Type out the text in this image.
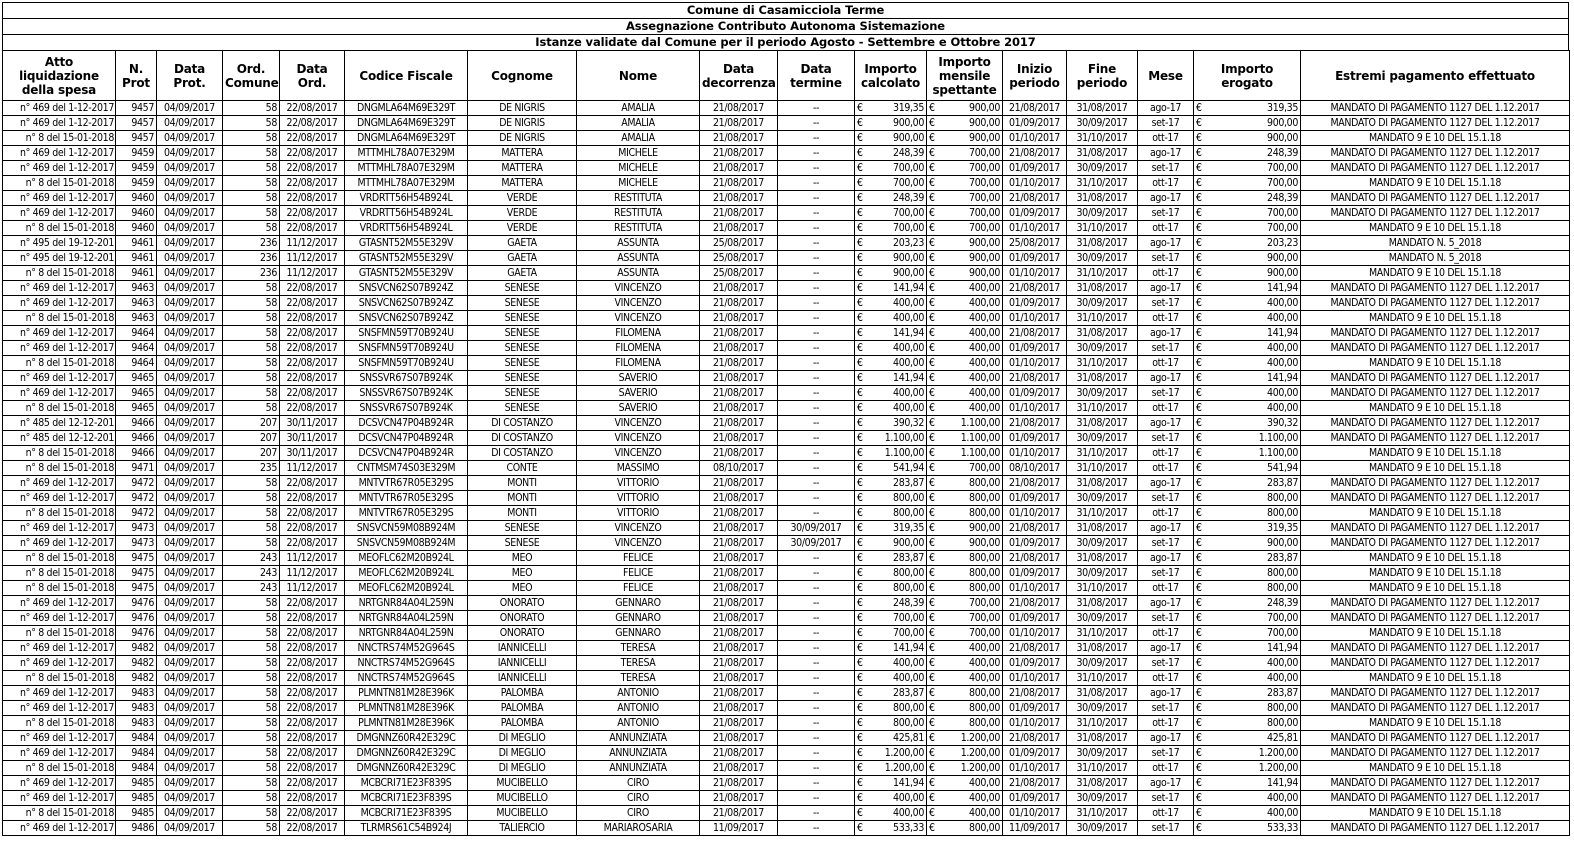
Comune di Casamicciola Terme
Assegnazione Contributo Autonoma Sistemazione
Istanze validate dal Comune per il periodo Agosto - Settembre e Ottobre 2017
Atto liquidazione della spesa	N. Prot	Data Prot.	Ord. Comune	Data Ord.	Codice Fiscale	Cognome	Nome	Data decorrenza	Data termine	Importo calcolato	Importo mensile spettante	Inizio periodo	Fine periodo	Mese	Importo erogato	Estremi pagamento effettuato
n° 469 del 1-12-2017	9457	04/09/2017	58	22/08/2017	DNGMLA64M69E329T	DE NIGRIS	AMALIA	21/08/2017	--	€ 319,35	€ 900,00	21/08/2017	31/08/2017	ago-17	€ 319,35	MANDATO DI PAGAMENTO 1127 DEL 1.12.2017
n° 469 del 1-12-2017	9457	04/09/2017	58	22/08/2017	DNGMLA64M69E329T	DE NIGRIS	AMALIA	21/08/2017	--	€ 900,00	€ 900,00	01/09/2017	30/09/2017	set-17	€ 900,00	MANDATO DI PAGAMENTO 1127 DEL 1.12.2017
n° 8 del 15-01-2018	9457	04/09/2017	58	22/08/2017	DNGMLA64M69E329T	DE NIGRIS	AMALIA	21/08/2017	--	€ 900,00	€ 900,00	01/10/2017	31/10/2017	ott-17	€ 900,00	MANDATO 9 E 10 DEL 15.1.18
n° 469 del 1-12-2017	9459	04/09/2017	58	22/08/2017	MTTMHL78A07E329M	MATTERA	MICHELE	21/08/2017	--	€ 248,39	€ 700,00	21/08/2017	31/08/2017	ago-17	€ 248,39	MANDATO DI PAGAMENTO 1127 DEL 1.12.2017
n° 469 del 1-12-2017	9459	04/09/2017	58	22/08/2017	MTTMHL78A07E329M	MATTERA	MICHELE	21/08/2017	--	€ 700,00	€ 700,00	01/09/2017	30/09/2017	set-17	€ 700,00	MANDATO DI PAGAMENTO 1127 DEL 1.12.2017
n° 8 del 15-01-2018	9459	04/09/2017	58	22/08/2017	MTTMHL78A07E329M	MATTERA	MICHELE	21/08/2017	--	€ 700,00	€ 700,00	01/10/2017	31/10/2017	ott-17	€ 700,00	MANDATO 9 E 10 DEL 15.1.18
n° 469 del 1-12-2017	9460	04/09/2017	58	22/08/2017	VRDRTT56H54B924L	VERDE	RESTITUTA	21/08/2017	--	€ 248,39	€ 700,00	21/08/2017	31/08/2017	ago-17	€ 248,39	MANDATO DI PAGAMENTO 1127 DEL 1.12.2017
n° 469 del 1-12-2017	9460	04/09/2017	58	22/08/2017	VRDRTT56H54B924L	VERDE	RESTITUTA	21/08/2017	--	€ 700,00	€ 700,00	01/09/2017	30/09/2017	set-17	€ 700,00	MANDATO DI PAGAMENTO 1127 DEL 1.12.2017
n° 8 del 15-01-2018	9460	04/09/2017	58	22/08/2017	VRDRTT56H54B924L	VERDE	RESTITUTA	21/08/2017	--	€ 700,00	€ 700,00	01/10/2017	31/10/2017	ott-17	€ 700,00	MANDATO 9 E 10 DEL 15.1.18
n° 495 del 19-12-201	9461	04/09/2017	236	11/12/2017	GTASNT52M55E329V	GAETA	ASSUNTA	25/08/2017	--	€ 203,23	€ 900,00	25/08/2017	31/08/2017	ago-17	€ 203,23	MANDATO N. 5_2018
n° 495 del 19-12-201	9461	04/09/2017	236	11/12/2017	GTASNT52M55E329V	GAETA	ASSUNTA	25/08/2017	--	€ 900,00	€ 900,00	01/09/2017	30/09/2017	set-17	€ 900,00	MANDATO N. 5_2018
n° 8 del 15-01-2018	9461	04/09/2017	236	11/12/2017	GTASNT52M55E329V	GAETA	ASSUNTA	25/08/2017	--	€ 900,00	€ 900,00	01/10/2017	31/10/2017	ott-17	€ 900,00	MANDATO 9 E 10 DEL 15.1.18
n° 469 del 1-12-2017	9463	04/09/2017	58	22/08/2017	SNSVCN62S07B924Z	SENESE	VINCENZO	21/08/2017	--	€ 141,94	€ 400,00	21/08/2017	31/08/2017	ago-17	€ 141,94	MANDATO DI PAGAMENTO 1127 DEL 1.12.2017
n° 469 del 1-12-2017	9463	04/09/2017	58	22/08/2017	SNSVCN62S07B924Z	SENESE	VINCENZO	21/08/2017	--	€ 400,00	€ 400,00	01/09/2017	30/09/2017	set-17	€ 400,00	MANDATO DI PAGAMENTO 1127 DEL 1.12.2017
n° 8 del 15-01-2018	9463	04/09/2017	58	22/08/2017	SNSVCN62S07B924Z	SENESE	VINCENZO	21/08/2017	--	€ 400,00	€ 400,00	01/10/2017	31/10/2017	ott-17	€ 400,00	MANDATO 9 E 10 DEL 15.1.18
n° 469 del 1-12-2017	9464	04/09/2017	58	22/08/2017	SNSFMN59T70B924U	SENESE	FILOMENA	21/08/2017	--	€ 141,94	€ 400,00	21/08/2017	31/08/2017	ago-17	€ 141,94	MANDATO DI PAGAMENTO 1127 DEL 1.12.2017
n° 469 del 1-12-2017	9464	04/09/2017	58	22/08/2017	SNSFMN59T70B924U	SENESE	FILOMENA	21/08/2017	--	€ 400,00	€ 400,00	01/09/2017	30/09/2017	set-17	€ 400,00	MANDATO DI PAGAMENTO 1127 DEL 1.12.2017
n° 8 del 15-01-2018	9464	04/09/2017	58	22/08/2017	SNSFMN59T70B924U	SENESE	FILOMENA	21/08/2017	--	€ 400,00	€ 400,00	01/10/2017	31/10/2017	ott-17	€ 400,00	MANDATO 9 E 10 DEL 15.1.18
n° 469 del 1-12-2017	9465	04/09/2017	58	22/08/2017	SNSSVR67S07B924K	SENESE	SAVERIO	21/08/2017	--	€ 141,94	€ 400,00	21/08/2017	31/08/2017	ago-17	€ 141,94	MANDATO DI PAGAMENTO 1127 DEL 1.12.2017
n° 469 del 1-12-2017	9465	04/09/2017	58	22/08/2017	SNSSVR67S07B924K	SENESE	SAVERIO	21/08/2017	--	€ 400,00	€ 400,00	01/09/2017	30/09/2017	set-17	€ 400,00	MANDATO DI PAGAMENTO 1127 DEL 1.12.2017
n° 8 del 15-01-2018	9465	04/09/2017	58	22/08/2017	SNSSVR67S07B924K	SENESE	SAVERIO	21/08/2017	--	€ 400,00	€ 400,00	01/10/2017	31/10/2017	ott-17	€ 400,00	MANDATO 9 E 10 DEL 15.1.18
n° 485 del 12-12-201	9466	04/09/2017	207	30/11/2017	DCSVCN47P04B924R	DI COSTANZO	VINCENZO	21/08/2017	--	€ 390,32	€ 1.100,00	21/08/2017	31/08/2017	ago-17	€ 390,32	MANDATO DI PAGAMENTO 1127 DEL 1.12.2017
n° 485 del 12-12-201	9466	04/09/2017	207	30/11/2017	DCSVCN47P04B924R	DI COSTANZO	VINCENZO	21/08/2017	--	€ 1.100,00	€ 1.100,00	01/09/2017	30/09/2017	set-17	€ 1.100,00	MANDATO DI PAGAMENTO 1127 DEL 1.12.2017
n° 8 del 15-01-2018	9466	04/09/2017	207	30/11/2017	DCSVCN47P04B924R	DI COSTANZO	VINCENZO	21/08/2017	--	€ 1.100,00	€ 1.100,00	01/10/2017	31/10/2017	ott-17	€ 1.100,00	MANDATO 9 E 10 DEL 15.1.18
n° 8 del 15-01-2018	9471	04/09/2017	235	11/12/2017	CNTMSM74S03E329M	CONTE	MASSIMO	08/10/2017	--	€ 541,94	€ 700,00	08/10/2017	31/10/2017	ott-17	€ 541,94	MANDATO 9 E 10 DEL 15.1.18
n° 469 del 1-12-2017	9472	04/09/2017	58	22/08/2017	MNTVTR67R05E329S	MONTI	VITTORIO	21/08/2017	--	€ 283,87	€ 800,00	21/08/2017	31/08/2017	ago-17	€ 283,87	MANDATO DI PAGAMENTO 1127 DEL 1.12.2017
n° 469 del 1-12-2017	9472	04/09/2017	58	22/08/2017	MNTVTR67R05E329S	MONTI	VITTORIO	21/08/2017	--	€ 800,00	€ 800,00	01/09/2017	30/09/2017	set-17	€ 800,00	MANDATO DI PAGAMENTO 1127 DEL 1.12.2017
n° 8 del 15-01-2018	9472	04/09/2017	58	22/08/2017	MNTVTR67R05E329S	MONTI	VITTORIO	21/08/2017	--	€ 800,00	€ 800,00	01/10/2017	31/10/2017	ott-17	€ 800,00	MANDATO 9 E 10 DEL 15.1.18
n° 469 del 1-12-2017	9473	04/09/2017	58	22/08/2017	SNSVCN59M08B924M	SENESE	VINCENZO	21/08/2017	30/09/2017	€ 319,35	€ 900,00	21/08/2017	31/08/2017	ago-17	€ 319,35	MANDATO DI PAGAMENTO 1127 DEL 1.12.2017
n° 469 del 1-12-2017	9473	04/09/2017	58	22/08/2017	SNSVCN59M08B924M	SENESE	VINCENZO	21/08/2017	30/09/2017	€ 900,00	€ 900,00	01/09/2017	30/09/2017	set-17	€ 900,00	MANDATO DI PAGAMENTO 1127 DEL 1.12.2017
n° 8 del 15-01-2018	9475	04/09/2017	243	11/12/2017	MEOFLC62M20B924L	MEO	FELICE	21/08/2017	--	€ 283,87	€ 800,00	21/08/2017	31/08/2017	ago-17	€ 283,87	MANDATO 9 E 10 DEL 15.1.18
n° 8 del 15-01-2018	9475	04/09/2017	243	11/12/2017	MEOFLC62M20B924L	MEO	FELICE	21/08/2017	--	€ 800,00	€ 800,00	01/09/2017	30/09/2017	set-17	€ 800,00	MANDATO 9 E 10 DEL 15.1.18
n° 8 del 15-01-2018	9475	04/09/2017	243	11/12/2017	MEOFLC62M20B924L	MEO	FELICE	21/08/2017	--	€ 800,00	€ 800,00	01/10/2017	31/10/2017	ott-17	€ 800,00	MANDATO 9 E 10 DEL 15.1.18
n° 469 del 1-12-2017	9476	04/09/2017	58	22/08/2017	NRTGNR84A04L259N	ONORATO	GENNARO	21/08/2017	--	€ 248,39	€ 700,00	21/08/2017	31/08/2017	ago-17	€ 248,39	MANDATO DI PAGAMENTO 1127 DEL 1.12.2017
n° 469 del 1-12-2017	9476	04/09/2017	58	22/08/2017	NRTGNR84A04L259N	ONORATO	GENNARO	21/08/2017	--	€ 700,00	€ 700,00	01/09/2017	30/09/2017	set-17	€ 700,00	MANDATO DI PAGAMENTO 1127 DEL 1.12.2017
n° 8 del 15-01-2018	9476	04/09/2017	58	22/08/2017	NRTGNR84A04L259N	ONORATO	GENNARO	21/08/2017	--	€ 700,00	€ 700,00	01/10/2017	31/10/2017	ott-17	€ 700,00	MANDATO 9 E 10 DEL 15.1.18
n° 469 del 1-12-2017	9482	04/09/2017	58	22/08/2017	NNCTRS74M52G964S	IANNICELLI	TERESA	21/08/2017	--	€ 141,94	€ 400,00	21/08/2017	31/08/2017	ago-17	€ 141,94	MANDATO DI PAGAMENTO 1127 DEL 1.12.2017
n° 469 del 1-12-2017	9482	04/09/2017	58	22/08/2017	NNCTRS74M52G964S	IANNICELLI	TERESA	21/08/2017	--	€ 400,00	€ 400,00	01/09/2017	30/09/2017	set-17	€ 400,00	MANDATO DI PAGAMENTO 1127 DEL 1.12.2017
n° 8 del 15-01-2018	9482	04/09/2017	58	22/08/2017	NNCTRS74M52G964S	IANNICELLI	TERESA	21/08/2017	--	€ 400,00	€ 400,00	01/10/2017	31/10/2017	ott-17	€ 400,00	MANDATO 9 E 10 DEL 15.1.18
n° 469 del 1-12-2017	9483	04/09/2017	58	22/08/2017	PLMNTN81M28E396K	PALOMBA	ANTONIO	21/08/2017	--	€ 283,87	€ 800,00	21/08/2017	31/08/2017	ago-17	€ 283,87	MANDATO DI PAGAMENTO 1127 DEL 1.12.2017
n° 469 del 1-12-2017	9483	04/09/2017	58	22/08/2017	PLMNTN81M28E396K	PALOMBA	ANTONIO	21/08/2017	--	€ 800,00	€ 800,00	01/09/2017	30/09/2017	set-17	€ 800,00	MANDATO DI PAGAMENTO 1127 DEL 1.12.2017
n° 8 del 15-01-2018	9483	04/09/2017	58	22/08/2017	PLMNTN81M28E396K	PALOMBA	ANTONIO	21/08/2017	--	€ 800,00	€ 800,00	01/10/2017	31/10/2017	ott-17	€ 800,00	MANDATO 9 E 10 DEL 15.1.18
n° 469 del 1-12-2017	9484	04/09/2017	58	22/08/2017	DMGNNZ60R42E329C	DI MEGLIO	ANNUNZIATA	21/08/2017	--	€ 425,81	€ 1.200,00	21/08/2017	31/08/2017	ago-17	€ 425,81	MANDATO DI PAGAMENTO 1127 DEL 1.12.2017
n° 469 del 1-12-2017	9484	04/09/2017	58	22/08/2017	DMGNNZ60R42E329C	DI MEGLIO	ANNUNZIATA	21/08/2017	--	€ 1.200,00	€ 1.200,00	01/09/2017	30/09/2017	set-17	€ 1.200,00	MANDATO DI PAGAMENTO 1127 DEL 1.12.2017
n° 8 del 15-01-2018	9484	04/09/2017	58	22/08/2017	DMGNNZ60R42E329C	DI MEGLIO	ANNUNZIATA	21/08/2017	--	€ 1.200,00	€ 1.200,00	01/10/2017	31/10/2017	ott-17	€ 1.200,00	MANDATO 9 E 10 DEL 15.1.18
n° 469 del 1-12-2017	9485	04/09/2017	58	22/08/2017	MCBCRI71E23F839S	MUCIBELLO	CIRO	21/08/2017	--	€ 141,94	€ 400,00	21/08/2017	31/08/2017	ago-17	€ 141,94	MANDATO DI PAGAMENTO 1127 DEL 1.12.2017
n° 469 del 1-12-2017	9485	04/09/2017	58	22/08/2017	MCBCRI71E23F839S	MUCIBELLO	CIRO	21/08/2017	--	€ 400,00	€ 400,00	01/09/2017	30/09/2017	set-17	€ 400,00	MANDATO DI PAGAMENTO 1127 DEL 1.12.2017
n° 8 del 15-01-2018	9485	04/09/2017	58	22/08/2017	MCBCRI71E23F839S	MUCIBELLO	CIRO	21/08/2017	--	€ 400,00	€ 400,00	01/10/2017	31/10/2017	ott-17	€ 400,00	MANDATO 9 E 10 DEL 15.1.18
n° 469 del 1-12-2017	9486	04/09/2017	58	22/08/2017	TLRMRS61C54B924J	TALIERCIO	MARIAROSARIA	11/09/2017	--	€ 533,33	€ 800,00	11/09/2017	30/09/2017	set-17	€ 533,33	MANDATO DI PAGAMENTO 1127 DEL 1.12.2017
